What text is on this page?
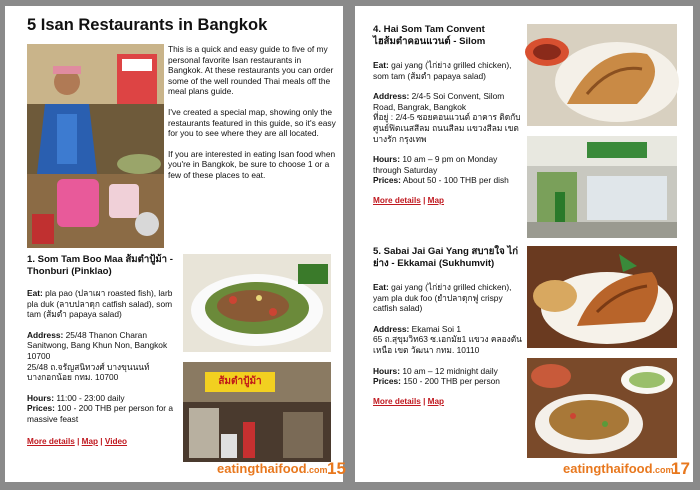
5 Isan Restaurants in Bangkok

This is a quick and easy guide to five of my personal favorite Isan restaurants in Bangkok. At these restaurants you can order some of the well rounded Thai meals off the meal plans guide.

I've created a special map, showing only the restaurants featured in this guide, so it's easy for you to see where they are all located.

If you are interested in eating Isan food when you're in Bangkok, be sure to choose 1 or a few of these places to eat.

1. Som Tam Boo Maa ส้มตำปู้ม้า - Thonburi (Pinklao)
Eat: pla pao (ปลาเผา roasted fish), larb pla duk (ลาบปลาดุก catfish salad), som tam (ส้มตำ papaya salad)
Address: 25/48 Thanon Charan Sanitwong, Bang Khun Non, Bangkok 10700
25/48 ถ.จรัญสนิทวงศ์ บางขุนนนท์ บางกอกน้อย กทม. 10700
Hours: 11:00 - 23:00 daily
Prices: 100 - 200 THB per person for a massive feast
More details | Map | Video
ส้มตำปู้ม้า
eatingthaifood.com 15
4. Hai Som Tam Convent
ไฮส้มตำคอนแวนต์ - Silom
Eat: gai yang (ไก่ย่าง grilled chicken), som tam (ส้มตำ papaya salad)
Address: 2/4-5 Soi Convent, Silom Road, Bangrak, Bangkok
ที่อยู่ : 2/4-5 ซอยคอนแวนต์ อาคาร ติดกับศูนย์ฟิตเนสสีลม ถนนสีลม แขวงสีลม เขตบางรัก กรุงเทพ
Hours: 10 am – 9 pm on Monday through Saturday
Prices: About 50 - 100 THB per dish
More details | Map
5. Sabai Jai Gai Yang สบายใจ ไก่ย่าง - Ekkamai (Sukhumvit)
Eat: gai yang (ไก่ย่าง grilled chicken), yam pla duk foo (ยำปลาดุกฟู crispy catfish salad)
Address: Ekamai Soi 1
65 ถ.สุขุมวิท63 ซ.เอกมัย1 แขวง คลองตันเหนือ เขต วัฒนา กทม. 10110
Hours: 10 am – 12 midnight daily
Prices: 150 - 200 THB per person
More details | Map
eatingthaifood.com
17
